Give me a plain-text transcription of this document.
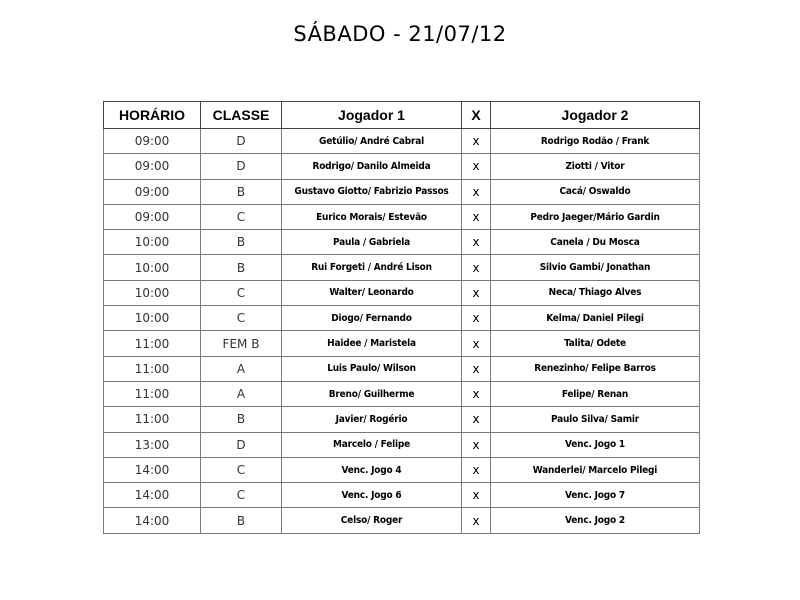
SÁBADO - 21/07/12
HORÁRIO	CLASSE	Jogador 1	X	Jogador 2
09:00	D	Getúlio/ André Cabral	x	Rodrigo Rodão / Frank
09:00	D	Rodrigo/ Danilo Almeida	x	Ziotti / Vitor
09:00	B	Gustavo Giotto/ Fabrizio Passos	x	Cacá/ Oswaldo
09:00	C	Eurico Morais/ Estevão	x	Pedro Jaeger/Mário Gardin
10:00	B	Paula / Gabriela	x	Canela / Du Mosca
10:00	B	Rui Forgeti / André Lison	x	Silvio Gambi/ Jonathan
10:00	C	Walter/ Leonardo	x	Neca/ Thiago Alves
10:00	C	Diogo/ Fernando	x	Kelma/ Daniel Pilegi
11:00	FEM B	Haidee / Maristela	x	Talita/ Odete
11:00	A	Luis Paulo/ Wilson	x	Renezinho/ Felipe Barros
11:00	A	Breno/ Guilherme	x	Felipe/ Renan
11:00	B	Javier/ Rogério	x	Paulo Silva/ Samir
13:00	D	Marcelo / Felipe	x	Venc. Jogo 1
14:00	C	Venc. Jogo 4	x	Wanderlei/ Marcelo Pilegi
14:00	C	Venc. Jogo 6	x	Venc. Jogo 7
14:00	B	Celso/ Roger	x	Venc. Jogo 2
